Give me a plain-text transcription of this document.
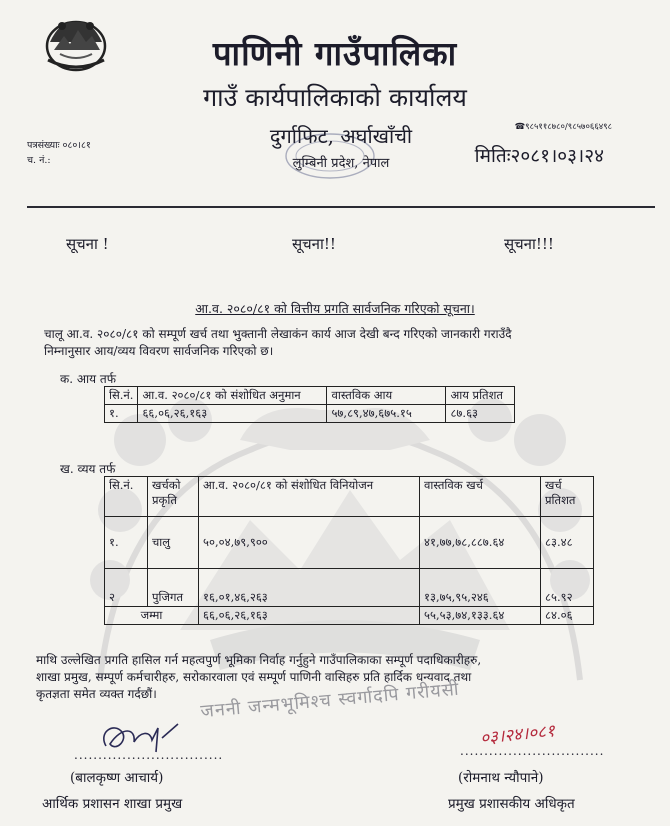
पाणिनी गाउँपालिका
गाउँ कार्यपालिकाको कार्यालय
दुर्गाफिट, अर्घाखाँची
लुम्बिनी प्रदेश, नेपाल
☎९८५११८७८०/९८५७०६६४९८
मितिः२०८१।०३।२४
पत्रसंख्याः ०८०।८१
च. नं.:
सूचना !	सूचना!!	सूचना!!!
आ.व. २०८०/८१ को वित्तीय प्रगति सार्वजनिक गरिएको सूचना।
चालू आ.व. २०८०/८१ को सम्पूर्ण खर्च तथा भुक्तानी लेखाकंन कार्य आज देखी बन्द गरिएको जानकारी गराउँदै
निम्नानुसार आय/व्यय विवरण सार्वजनिक गरिएको छ।
क. आय तर्फ
सि.नं.	आ.व. २०८०/८१ को संशोधित अनुमान	वास्तविक आय	आय प्रतिशत
१.	६६,०६,२६,१६३	५७,८९,४७,६७५.१५	८७.६३
ख. व्यय तर्फ
सि.नं.	खर्चको प्रकृति	आ.व. २०८०/८१ को संशोधित विनियोजन	वास्तविक खर्च	खर्च प्रतिशत
१.	चालु	५०,०४,७९,९००	४१,७७,७८,८८७.६४	८३.४८
२	पुजिगत	१६,०१,४६,२६३	१३,७५,९५,२४६	८५.९२
जम्मा		६६,०६,२६,१६३	५५,५३,७४,१३३.६४	८४.०६
माथि उल्लेखित प्रगति हासिल गर्न महत्वपुर्ण भूमिका निर्वाह गर्नुहुने गाउँपालिकाका सम्पूर्ण पदाधिकारीहरु,
शाखा प्रमुख, सम्पूर्ण कर्मचारीहरु, सरोकारवाला एवं सम्पूर्ण पाणिनी वासिहरु प्रति हार्दिक धन्यवाद तथा
कृतज्ञता समेत व्यक्त गर्दछौं।	जननी जन्मभूमिश्च स्वर्गादपि गरीयसी
...............................
(बालकृष्ण आचार्य)
आर्थिक प्रशासन शाखा प्रमुख
०३।२४।०८१
..............................
(रोमनाथ न्यौपाने)
प्रमुख प्रशासकीय अधिकृत
